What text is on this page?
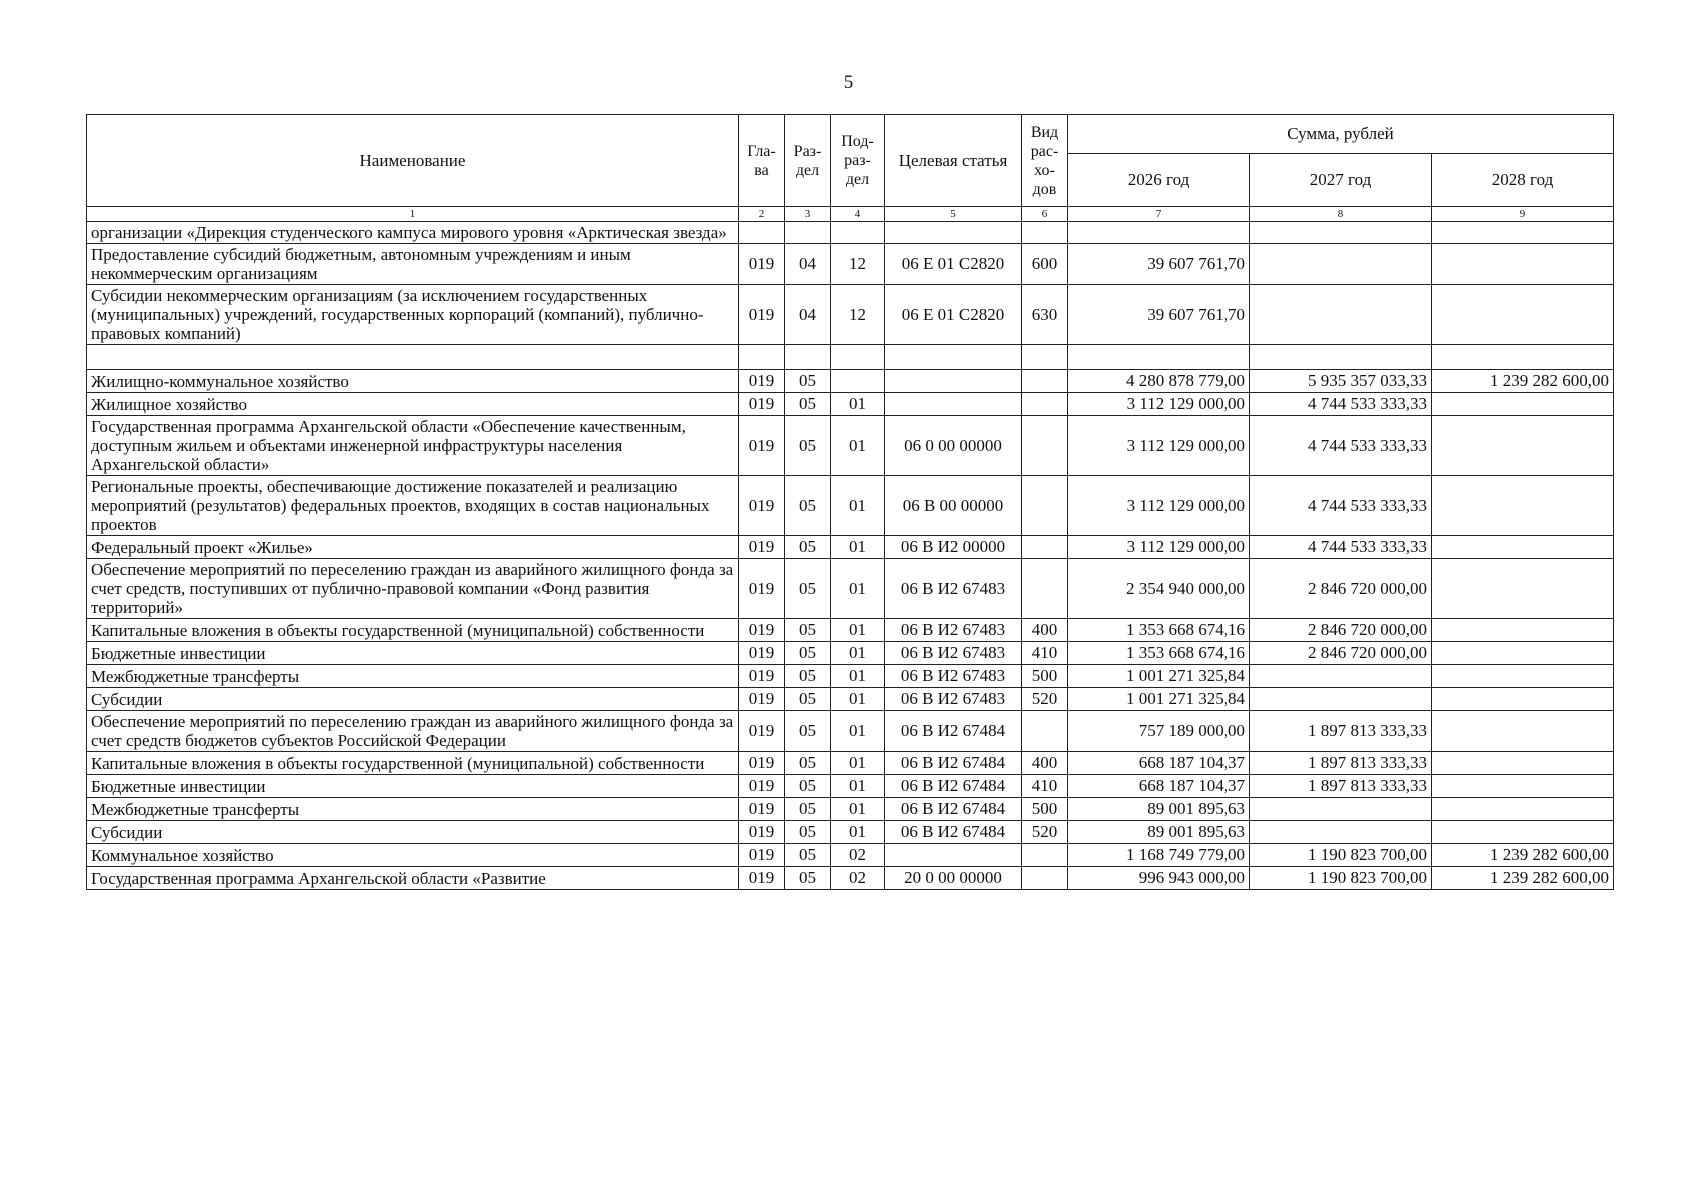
5
Наименование	Гла- ва	Раз- дел	Под- раз- дел	Целевая статья	Вид рас- хо- дов	Сумма, рублей		
						2026 год	2027 год	2028 год
1	2	3	4	5	6	7	8	9
организации «Дирекция студенческого кампуса мирового уровня «Арктическая звезда»								
Предоставление субсидий бюджетным, автономным учреждениям и иным некоммерческим организациям	019	04	12	06 Е 01 С2820	600	39 607 761,70		
Субсидии некоммерческим организациям (за исключением государственных (муниципальных) учреждений, государственных корпораций (компаний), публично-правовых компаний)	019	04	12	06 Е 01 С2820	630	39 607 761,70		

Жилищно-коммунальное хозяйство	019	05				4 280 878 779,00	5 935 357 033,33	1 239 282 600,00
Жилищное хозяйство	019	05	01			3 112 129 000,00	4 744 533 333,33	
Государственная программа Архангельской области «Обеспечение качественным, доступным жильем и объектами инженерной инфраструктуры населения Архангельской области»	019	05	01	06 0 00 00000		3 112 129 000,00	4 744 533 333,33	
Региональные проекты, обеспечивающие достижение показателей и реализацию мероприятий (результатов) федеральных проектов, входящих в состав национальных проектов	019	05	01	06 В 00 00000		3 112 129 000,00	4 744 533 333,33	
Федеральный проект «Жилье»	019	05	01	06 В И2 00000		3 112 129 000,00	4 744 533 333,33	
Обеспечение мероприятий по переселению граждан из аварийного жилищного фонда за счет средств, поступивших от публично-правовой компании «Фонд развития территорий»	019	05	01	06 В И2 67483		2 354 940 000,00	2 846 720 000,00	
Капитальные вложения в объекты государственной (муниципальной) собственности	019	05	01	06 В И2 67483	400	1 353 668 674,16	2 846 720 000,00	
Бюджетные инвестиции	019	05	01	06 В И2 67483	410	1 353 668 674,16	2 846 720 000,00	
Межбюджетные трансферты	019	05	01	06 В И2 67483	500	1 001 271 325,84		
Субсидии	019	05	01	06 В И2 67483	520	1 001 271 325,84		
Обеспечение мероприятий по переселению граждан из аварийного жилищного фонда за счет средств бюджетов субъектов Российской Федерации	019	05	01	06 В И2 67484		757 189 000,00	1 897 813 333,33	
Капитальные вложения в объекты государственной (муниципальной) собственности	019	05	01	06 В И2 67484	400	668 187 104,37	1 897 813 333,33	
Бюджетные инвестиции	019	05	01	06 В И2 67484	410	668 187 104,37	1 897 813 333,33	
Межбюджетные трансферты	019	05	01	06 В И2 67484	500	89 001 895,63		
Субсидии	019	05	01	06 В И2 67484	520	89 001 895,63		
Коммунальное хозяйство	019	05	02			1 168 749 779,00	1 190 823 700,00	1 239 282 600,00
Государственная программа Архангельской области «Развитие	019	05	02	20 0 00 00000		996 943 000,00	1 190 823 700,00	1 239 282 600,00
